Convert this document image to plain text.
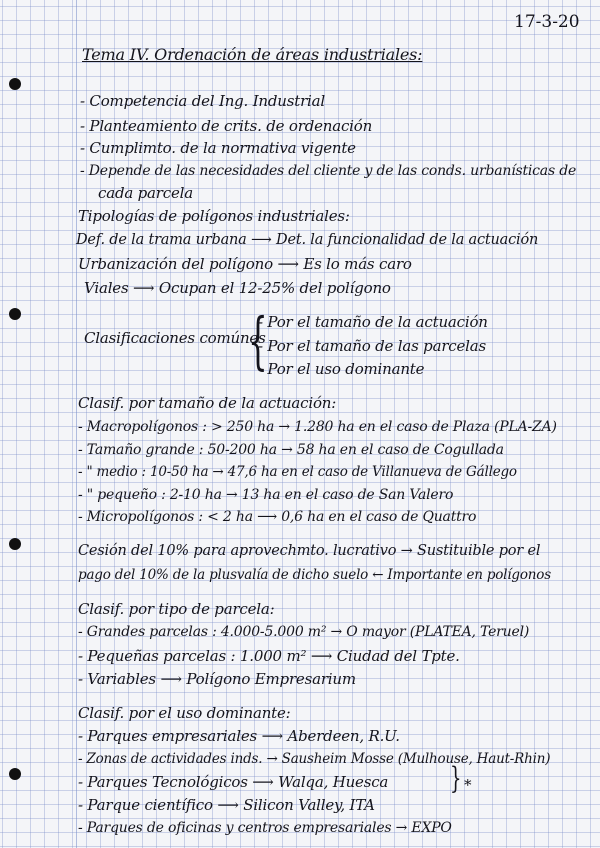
17-3-20
Tema IV. Ordenación de áreas industriales:
- Competencia del Ing. Industrial
- Planteamiento de crits. de ordenación
- Cumplimto. de la normativa vigente
- Depende de las necesidades del cliente y de las conds. urbanísticas de
cada parcela
Tipologías de polígonos industriales:
Def. de la trama urbana ⟶ Det. la funcionalidad de la actuación
Urbanización del polígono ⟶ Es lo más caro
Viales ⟶ Ocupan el 12-25% del polígono
Clasificaciones comúnes
{
- Por el tamaño de la actuación
- Por el tamaño de las parcelas
- Por el uso dominante
Clasif. por tamaño de la actuación:
- Macropolígonos : > 250 ha → 1.280 ha en el caso de Plaza (PLA-ZA)
- Tamaño grande : 50-200 ha → 58 ha en el caso de Cogullada
- " medio : 10-50 ha → 47,6 ha en el caso de Villanueva de Gállego
- " pequeño : 2-10 ha → 13 ha en el caso de San Valero
- Micropolígonos : < 2 ha ⟶ 0,6 ha en el caso de Quattro
Cesión del 10% para aprovechmto. lucrativo → Sustituible por el
pago del 10% de la plusvalía de dicho suelo ← Importante en polígonos
Clasif. por tipo de parcela:
- Grandes parcelas : 4.000-5.000 m² → O mayor (PLATEA, Teruel)
- Pequeñas parcelas : 1.000 m² ⟶ Ciudad del Tpte.
- Variables ⟶ Polígono Empresarium
Clasif. por el uso dominante:
- Parques empresariales ⟶ Aberdeen, R.U.
- Zonas de actividades inds. → Sausheim Mosse (Mulhouse, Haut-Rhin)
- Parques Tecnológicos ⟶ Walqa, Huesca
- Parque científico ⟶ Silicon Valley, ITA
} *
- Parques de oficinas y centros empresariales → EXPO
